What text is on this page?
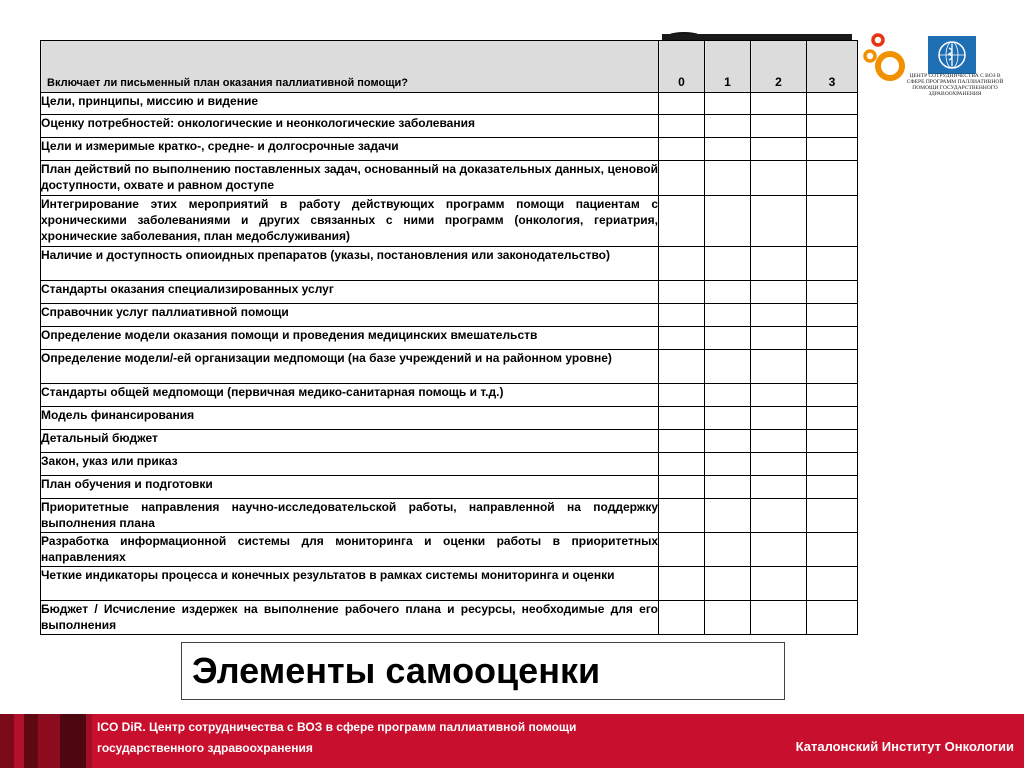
ЦЕНТР СОТРУДНИЧЕСТВА С ВОЗ В СФЕРЕ ПРОГРАММ ПАЛЛИАТИВНОЙ ПОМОЩИ ГОСУДАРСТВЕННОГО ЗДРАВООХРАНЕНИЯ
Включает ли письменный план оказания паллиативной помощи?	0	1	2	3
Цели, принципы, миссию и видение				
Оценку потребностей: онкологические и неонкологические заболевания				
Цели и измеримые кратко-, средне- и долгосрочные задачи				
План действий по выполнению поставленных задач, основанный на доказательных данных, ценовой доступности, охвате и равном доступе				
Интегрирование этих мероприятий в работу действующих программ помощи пациентам с хроническими заболеваниями и других связанных с ними программ (онкология, гериатрия, хронические заболевания, план медобслуживания)				
Наличие и доступность опиоидных препаратов (указы, постановления или законодательство)				
Стандарты оказания специализированных услуг				
Справочник услуг паллиативной помощи				
Определение модели оказания помощи и проведения медицинских вмешательств				
Определение модели/-ей организации медпомощи (на базе учреждений и на районном уровне)				
Стандарты общей медпомощи (первичная медико-санитарная помощь и т.д.)				
Модель финансирования				
Детальный бюджет				
Закон, указ или приказ				
План обучения и подготовки				
Приоритетные направления научно-исследовательской работы, направленной на поддержку выполнения плана				
Разработка информационной системы для мониторинга и оценки работы в приоритетных направлениях				
Четкие индикаторы процесса и конечных результатов в рамках системы мониторинга и оценки				
Бюджет / Исчисление издержек на выполнение рабочего плана и ресурсы, необходимые для его выполнения				
Элементы самооценки
ICO DiR. Центр сотрудничества с ВОЗ в сфере программ паллиативной помощи
государственного здравоохранения	Каталонский Институт Онкологии
